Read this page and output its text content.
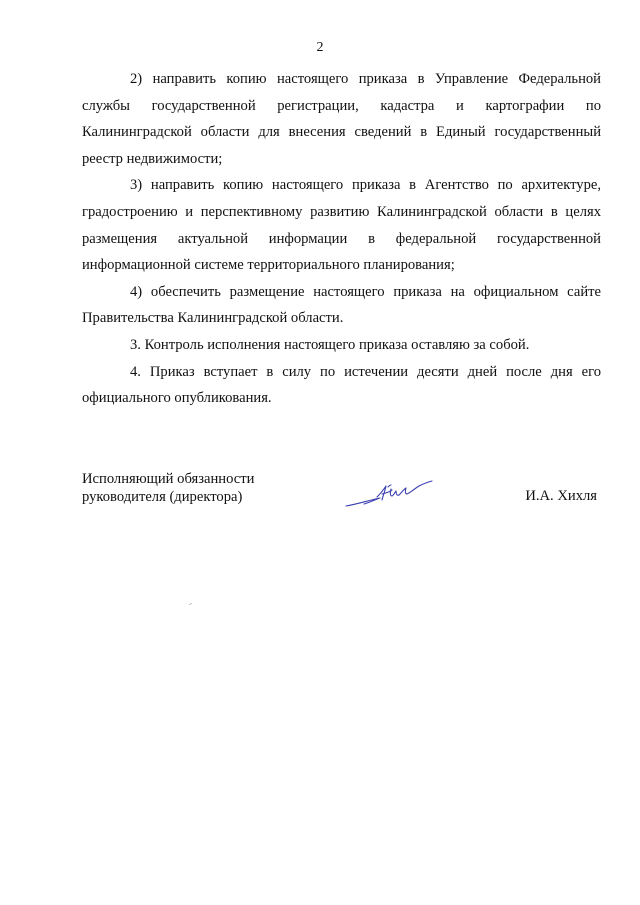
2

2) направить копию настоящего приказа в Управление Федеральной службы государственной регистрации, кадастра и картографии по Калининградской области для внесения сведений в Единый государственный реестр недвижимости;

3) направить копию настоящего приказа в Агентство по архитектуре, градостроению и перспективному развитию Калининградской области в целях размещения актуальной информации в федеральной государственной информационной системе территориального планирования;

4) обеспечить размещение настоящего приказа на официальном сайте Правительства Калининградской области.

3. Контроль исполнения настоящего приказа оставляю за собой.

4. Приказ вступает в силу по истечении десяти дней после дня его официального опубликования.

Исполняющий обязанности
руководителя (директора)	И.А. Хихля
